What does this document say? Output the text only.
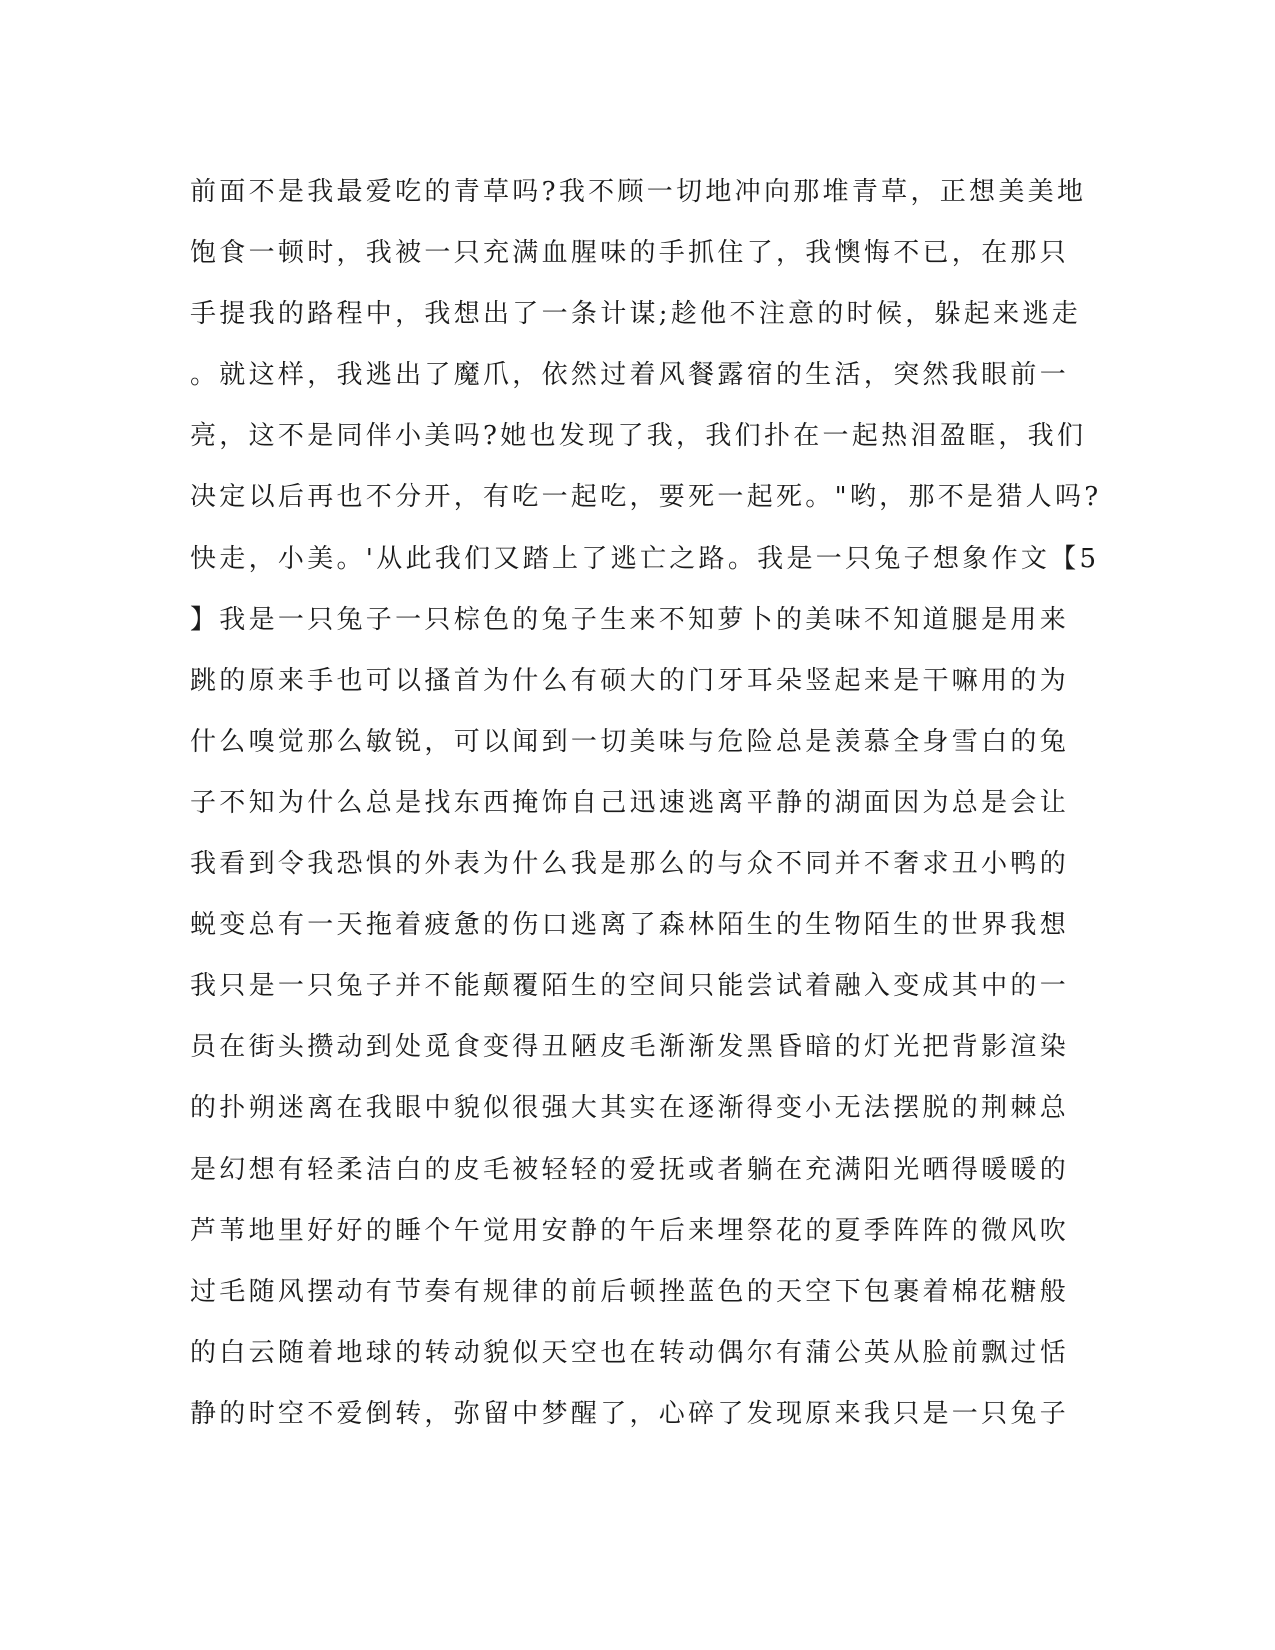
前面不是我最爱吃的青草吗?我不顾一切地冲向那堆青草，正想美美地
饱食一顿时，我被一只充满血腥味的手抓住了，我懊悔不已，在那只
手提我的路程中，我想出了一条计谋;趁他不注意的时候，躲起来逃走
。就这样，我逃出了魔爪，依然过着风餐露宿的生活，突然我眼前一
亮，这不是同伴小美吗?她也发现了我，我们扑在一起热泪盈眶，我们
决定以后再也不分开，有吃一起吃，要死一起死。"哟，那不是猎人吗?
快走，小美。'从此我们又踏上了逃亡之路。我是一只兔子想象作文【5
】我是一只兔子一只棕色的兔子生来不知萝卜的美味不知道腿是用来
跳的原来手也可以搔首为什么有硕大的门牙耳朵竖起来是干嘛用的为
什么嗅觉那么敏锐，可以闻到一切美味与危险总是羡慕全身雪白的兔
子不知为什么总是找东西掩饰自己迅速逃离平静的湖面因为总是会让
我看到令我恐惧的外表为什么我是那么的与众不同并不奢求丑小鸭的
蜕变总有一天拖着疲惫的伤口逃离了森林陌生的生物陌生的世界我想
我只是一只兔子并不能颠覆陌生的空间只能尝试着融入变成其中的一
员在街头攒动到处觅食变得丑陋皮毛渐渐发黑昏暗的灯光把背影渲染
的扑朔迷离在我眼中貌似很强大其实在逐渐得变小无法摆脱的荆棘总
是幻想有轻柔洁白的皮毛被轻轻的爱抚或者躺在充满阳光晒得暖暖的
芦苇地里好好的睡个午觉用安静的午后来埋祭花的夏季阵阵的微风吹
过毛随风摆动有节奏有规律的前后顿挫蓝色的天空下包裹着棉花糖般
的白云随着地球的转动貌似天空也在转动偶尔有蒲公英从脸前飘过恬
静的时空不爱倒转，弥留中梦醒了，心碎了发现原来我只是一只兔子
